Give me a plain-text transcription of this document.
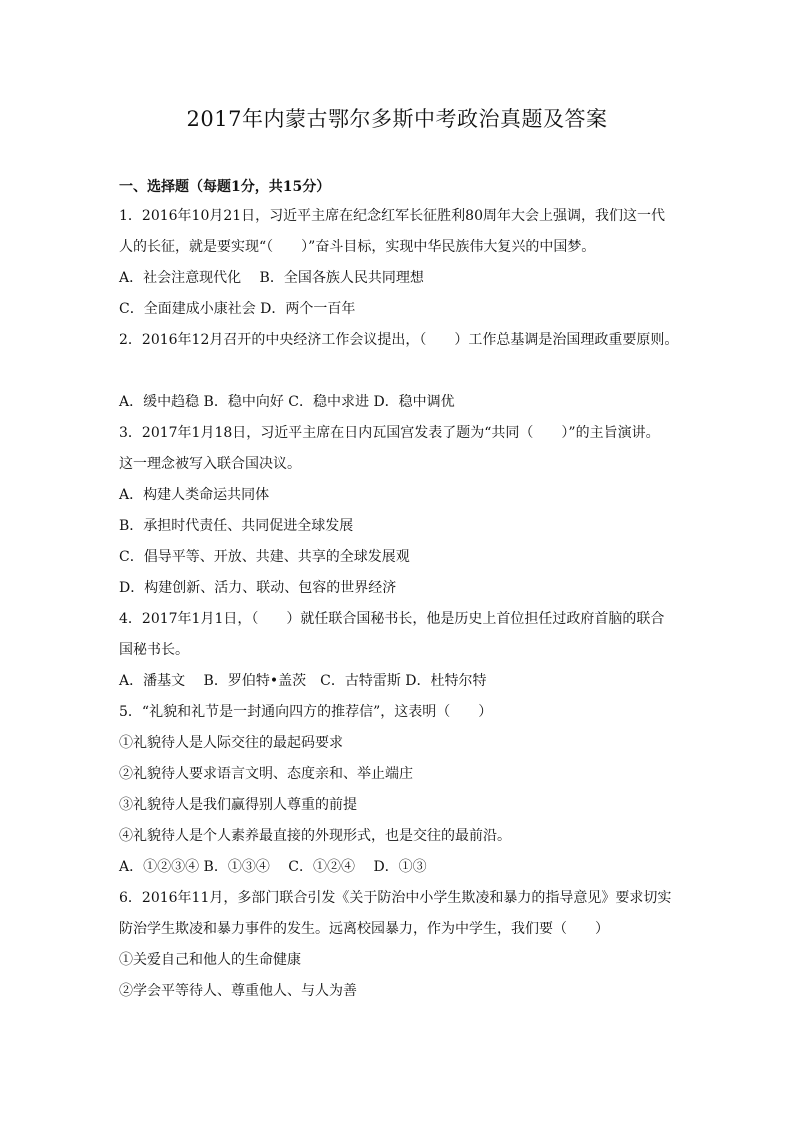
2017年内蒙古鄂尔多斯中考政治真题及答案
一、选择题（每题1分，共15分）
1．2016年10月21日，习近平主席在纪念红军长征胜利80周年大会上强调，我们这一代
人的长征，就是要实现“（　　）”奋斗目标，实现中华民族伟大复兴的中国梦。
A．社会注意现代化　 B．全国各族人民共同理想
C．全面建成小康社会 D．两个一百年
2．2016年12月召开的中央经济工作会议提出，（　　）工作总基调是治国理政重要原则。
A．缓中趋稳 B．稳中向好 C．稳中求进 D．稳中调优
3．2017年1月18日，习近平主席在日内瓦国宫发表了题为“共同（　　）”的主旨演讲。
这一理念被写入联合国决议。
A．构建人类命运共同体
B．承担时代责任、共同促进全球发展
C．倡导平等、开放、共建、共享的全球发展观
D．构建创新、活力、联动、包容的世界经济
4．2017年1月1日，（　　）就任联合国秘书长，他是历史上首位担任过政府首脑的联合
国秘书长。
A．潘基文　 B．罗伯特•盖茨　C．古特雷斯 D．杜特尔特
5．“礼貌和礼节是一封通向四方的推荐信”，这表明（　　）
①礼貌待人是人际交往的最起码要求
②礼貌待人要求语言文明、态度亲和、举止端庄
③礼貌待人是我们赢得别人尊重的前提
④礼貌待人是个人素养最直接的外现形式，也是交往的最前沿。
A．①②③④ B．①③④　 C．①②④　 D．①③
6．2016年11月，多部门联合引发《关于防治中小学生欺凌和暴力的指导意见》要求切实
防治学生欺凌和暴力事件的发生。远离校园暴力，作为中学生，我们要（　　）
①关爱自己和他人的生命健康
②学会平等待人、尊重他人、与人为善
